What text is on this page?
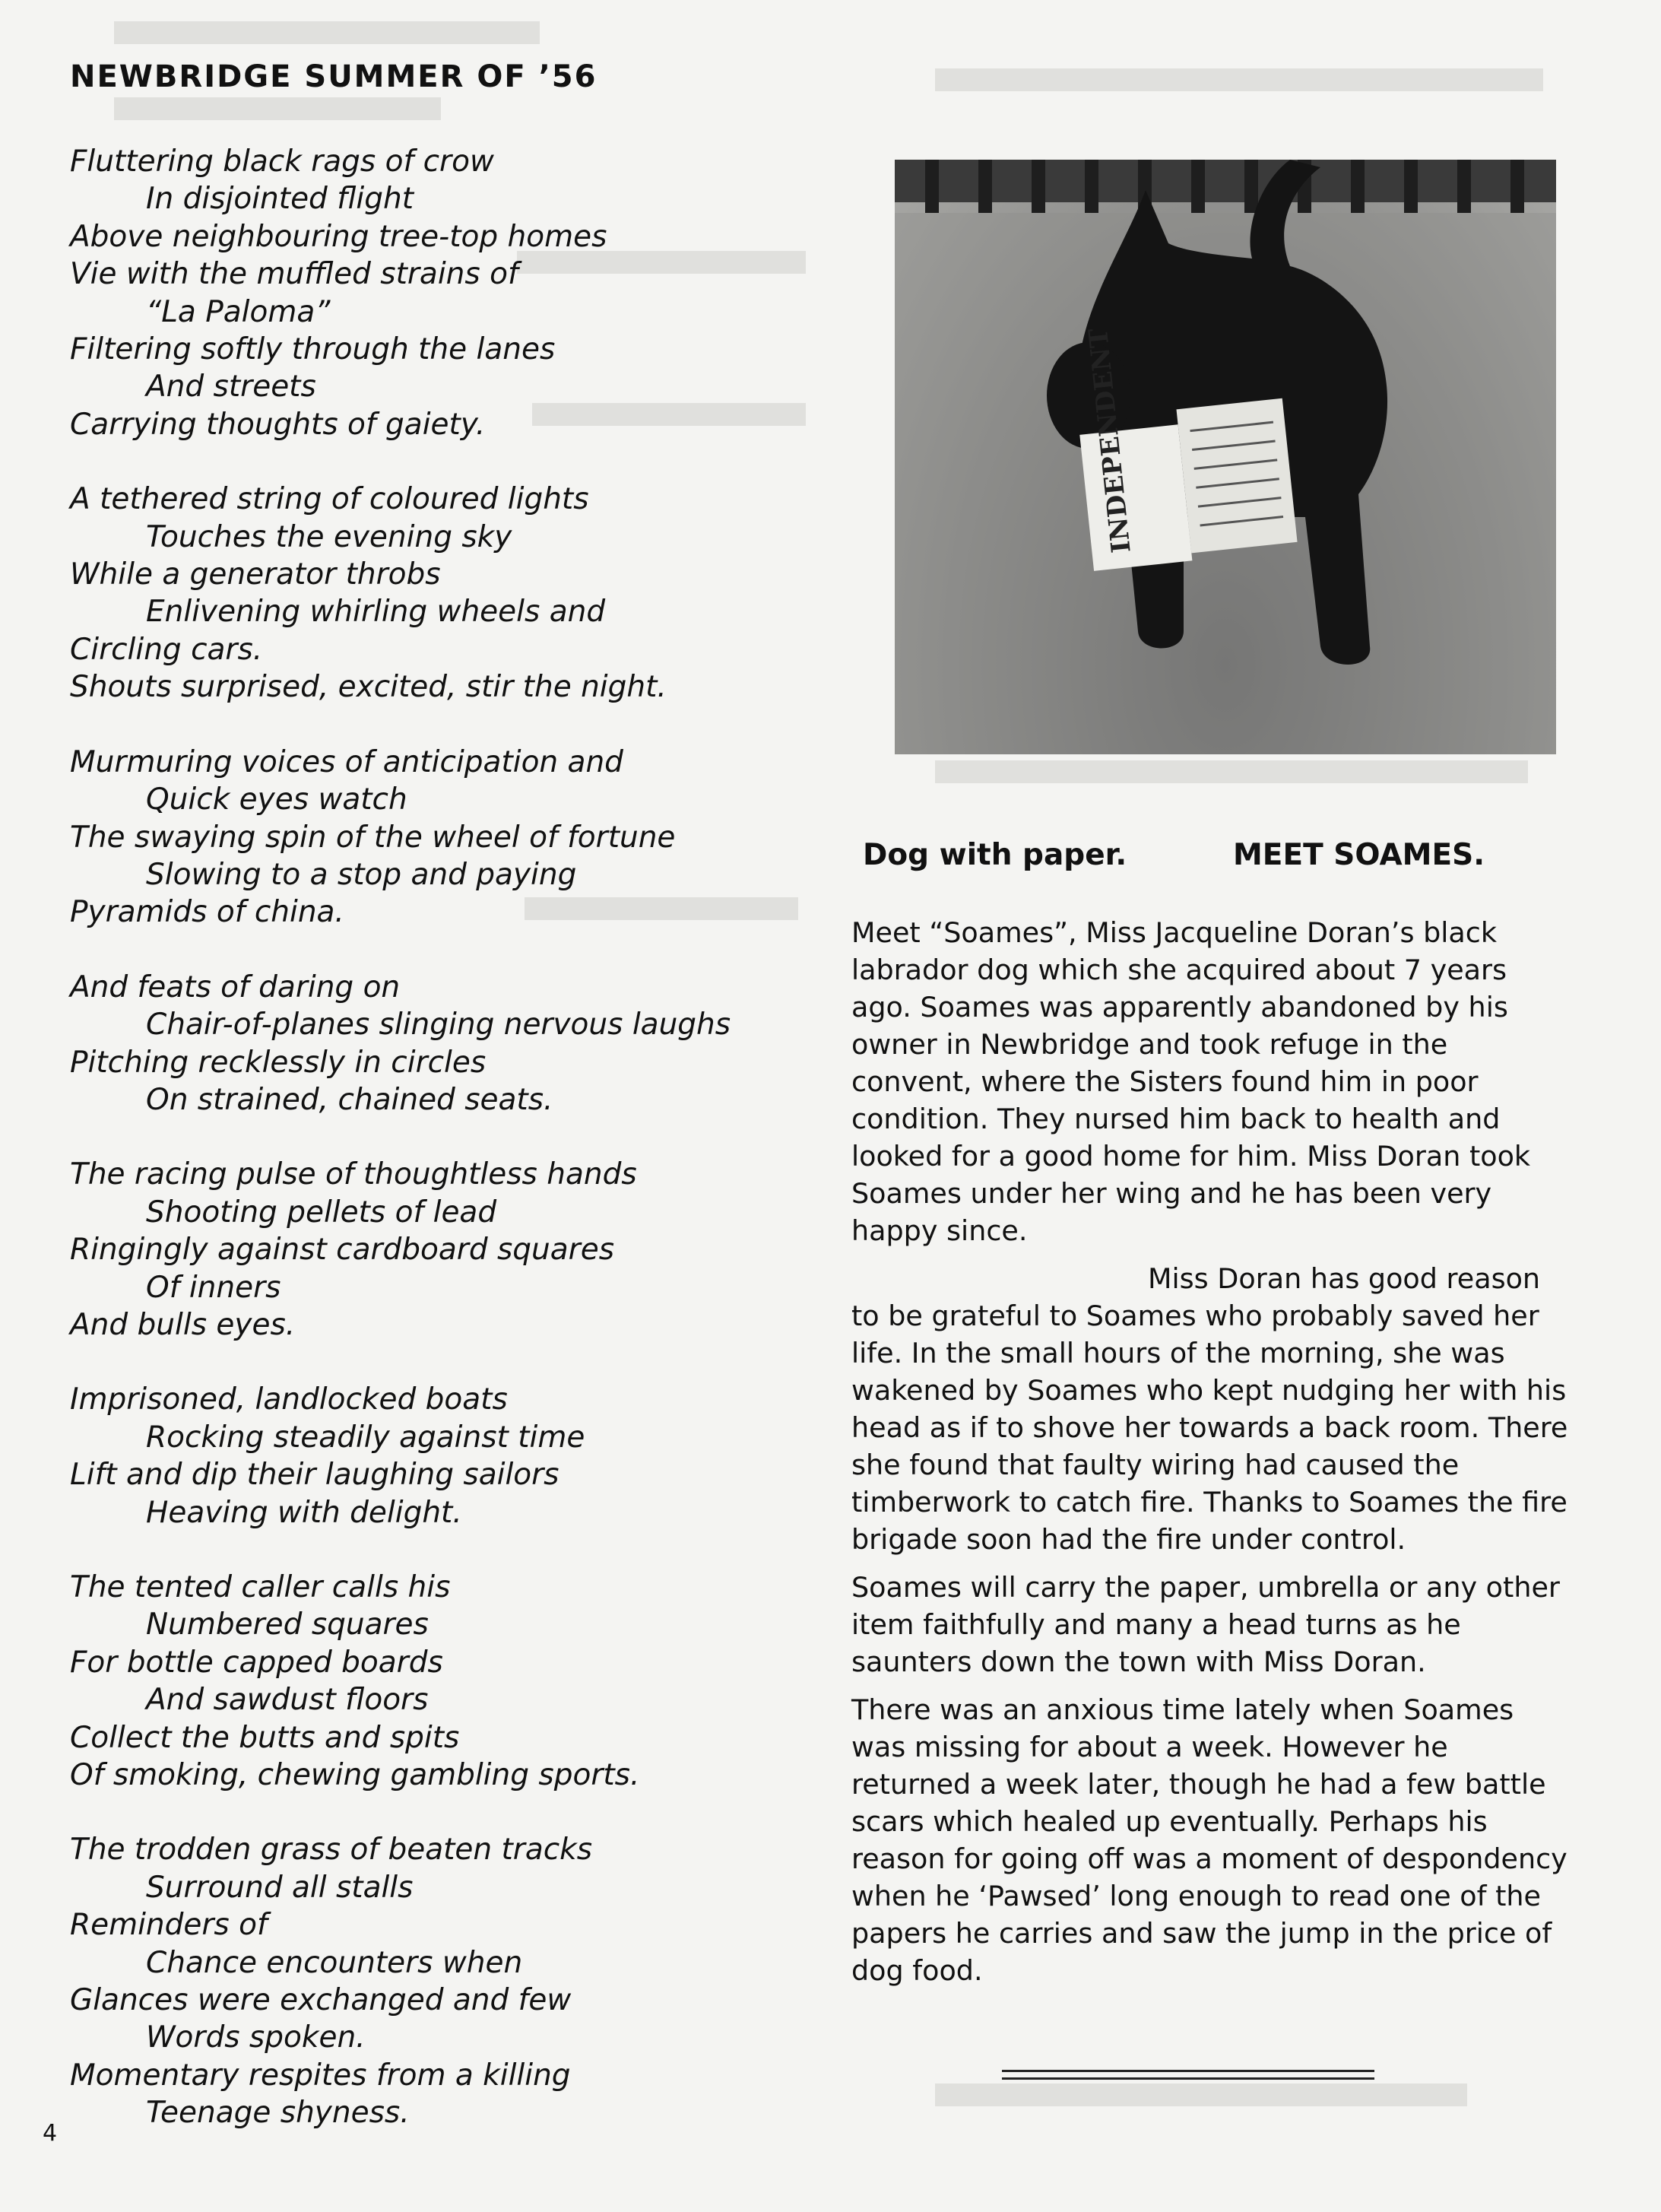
NEWBRIDGE SUMMER OF ’56
Fluttering black rags of crow
In disjointed flight
Above neighbouring tree-top homes
Vie with the muffled strains of
“La Paloma”
Filtering softly through the lanes
And streets
Carrying thoughts of gaiety.
A tethered string of coloured lights
Touches the evening sky
While a generator throbs
Enlivening whirling wheels and
Circling cars.
Shouts surprised, excited, stir the night.
Murmuring voices of anticipation and
Quick eyes watch
The swaying spin of the wheel of fortune
Slowing to a stop and paying
Pyramids of china.
And feats of daring on
Chair-of-planes slinging nervous laughs
Pitching recklessly in circles
On strained, chained seats.
The racing pulse of thoughtless hands
Shooting pellets of lead
Ringingly against cardboard squares
Of inners
And bulls eyes.
Imprisoned, landlocked boats
Rocking steadily against time
Lift and dip their laughing sailors
Heaving with delight.
The tented caller calls his
Numbered squares
For bottle capped boards
And sawdust floors
Collect the butts and spits
Of smoking, chewing gambling sports.
The trodden grass of beaten tracks
Surround all stalls
Reminders of
Chance encounters when
Glances were exchanged and few
Words spoken.
Momentary respites from a killing
Teenage shyness.
INDEPENDENT
Dog with paper.	MEET SOAMES.

Meet “Soames”, Miss Jacqueline Doran’s black labrador dog which she acquired about 7 years ago. Soames was apparently abandoned by his owner in Newbridge and took refuge in the convent, where the Sisters found him in poor condition. They nursed him back to health and looked for a good home for him. Miss Doran took Soames under her wing and he has been very happy since.

Miss Doran has good reason to be grateful to Soames who probably saved her life. In the small hours of the morning, she was wakened by Soames who kept nudging her with his head as if to shove her towards a back room. There she found that faulty wiring had caused the timberwork to catch fire. Thanks to Soames the fire brigade soon had the fire under control.

Soames will carry the paper, umbrella or any other item faithfully and many a head turns as he saunters down the town with Miss Doran.

There was an anxious time lately when Soames was missing for about a week. However he returned a week later, though he had a few battle scars which healed up eventually. Perhaps his reason for going off was a moment of despondency when he ‘Pawsed’ long enough to read one of the papers he carries and saw the jump in the price of dog food.

4
